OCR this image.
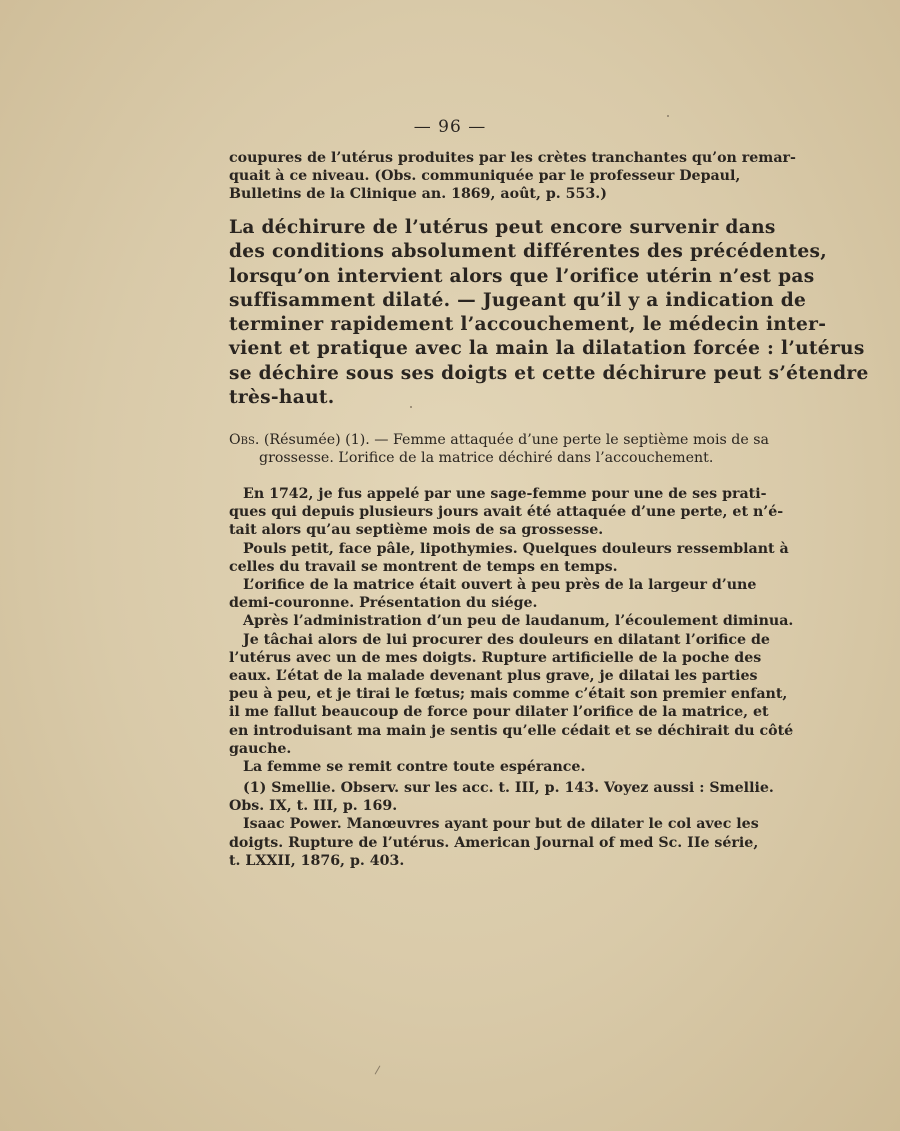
— 96 —
coupures de l’utérus produites par les crètes tranchantes qu’on remar-
quait à ce niveau. (Obs. communiquée par le professeur Depaul,
Bulletins de la Clinique an. 1869, août, p. 553.)
La déchirure de l’utérus peut encore survenir dans
des conditions absolument différentes des précédentes,
lorsqu’on intervient alors que l’orifice utérin n’est pas
suffisamment dilaté. — Jugeant qu’il y a indication de
terminer rapidement l’accouchement, le médecin inter-
vient et pratique avec la main la dilatation forcée : l’utérus
se déchire sous ses doigts et cette déchirure peut s’étendre
très-haut.
Obs. (Résumée) (1). — Femme attaquée d’une perte le septième mois de sa
grossesse. L’orifice de la matrice déchiré dans l’accouchement.
En 1742, je fus appelé par une sage-femme pour une de ses prati-
ques qui depuis plusieurs jours avait été attaquée d’une perte, et n’é-
tait alors qu’au septième mois de sa grossesse.
Pouls petit, face pâle, lipothymies. Quelques douleurs ressemblant à
celles du travail se montrent de temps en temps.
L’orifice de la matrice était ouvert à peu près de la largeur d’une
demi-couronne. Présentation du siége.
Après l’administration d’un peu de laudanum, l’écoulement diminua.
Je tâchai alors de lui procurer des douleurs en dilatant l’orifice de
l’utérus avec un de mes doigts. Rupture artificielle de la poche des
eaux. L’état de la malade devenant plus grave, je dilatai les parties
peu à peu, et je tirai le fœtus; mais comme c’était son premier enfant,
il me fallut beaucoup de force pour dilater l’orifice de la matrice, et
en introduisant ma main je sentis qu’elle cédait et se déchirait du côté
gauche.
La femme se remit contre toute espérance.
(1) Smellie. Observ. sur les acc. t. III, p. 143. Voyez aussi : Smellie.
Obs. IX, t. III, p. 169.
Isaac Power. Manœuvres ayant pour but de dilater le col avec les
doigts. Rupture de l’utérus. American Journal of med Sc. IIe série,
t. LXXII, 1876, p. 403.
